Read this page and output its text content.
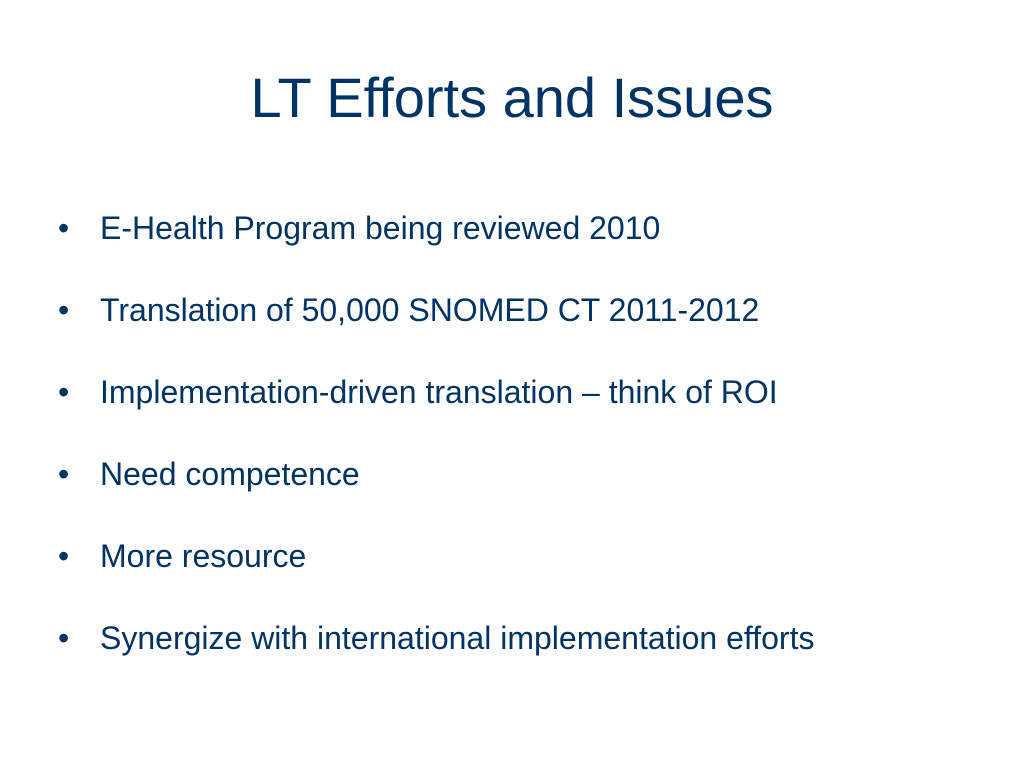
LT Efforts and Issues
• E-Health Program being reviewed 2010
• Translation of 50,000 SNOMED CT 2011-2012
• Implementation-driven translation – think of ROI
• Need competence
• More resource
• Synergize with international implementation efforts
